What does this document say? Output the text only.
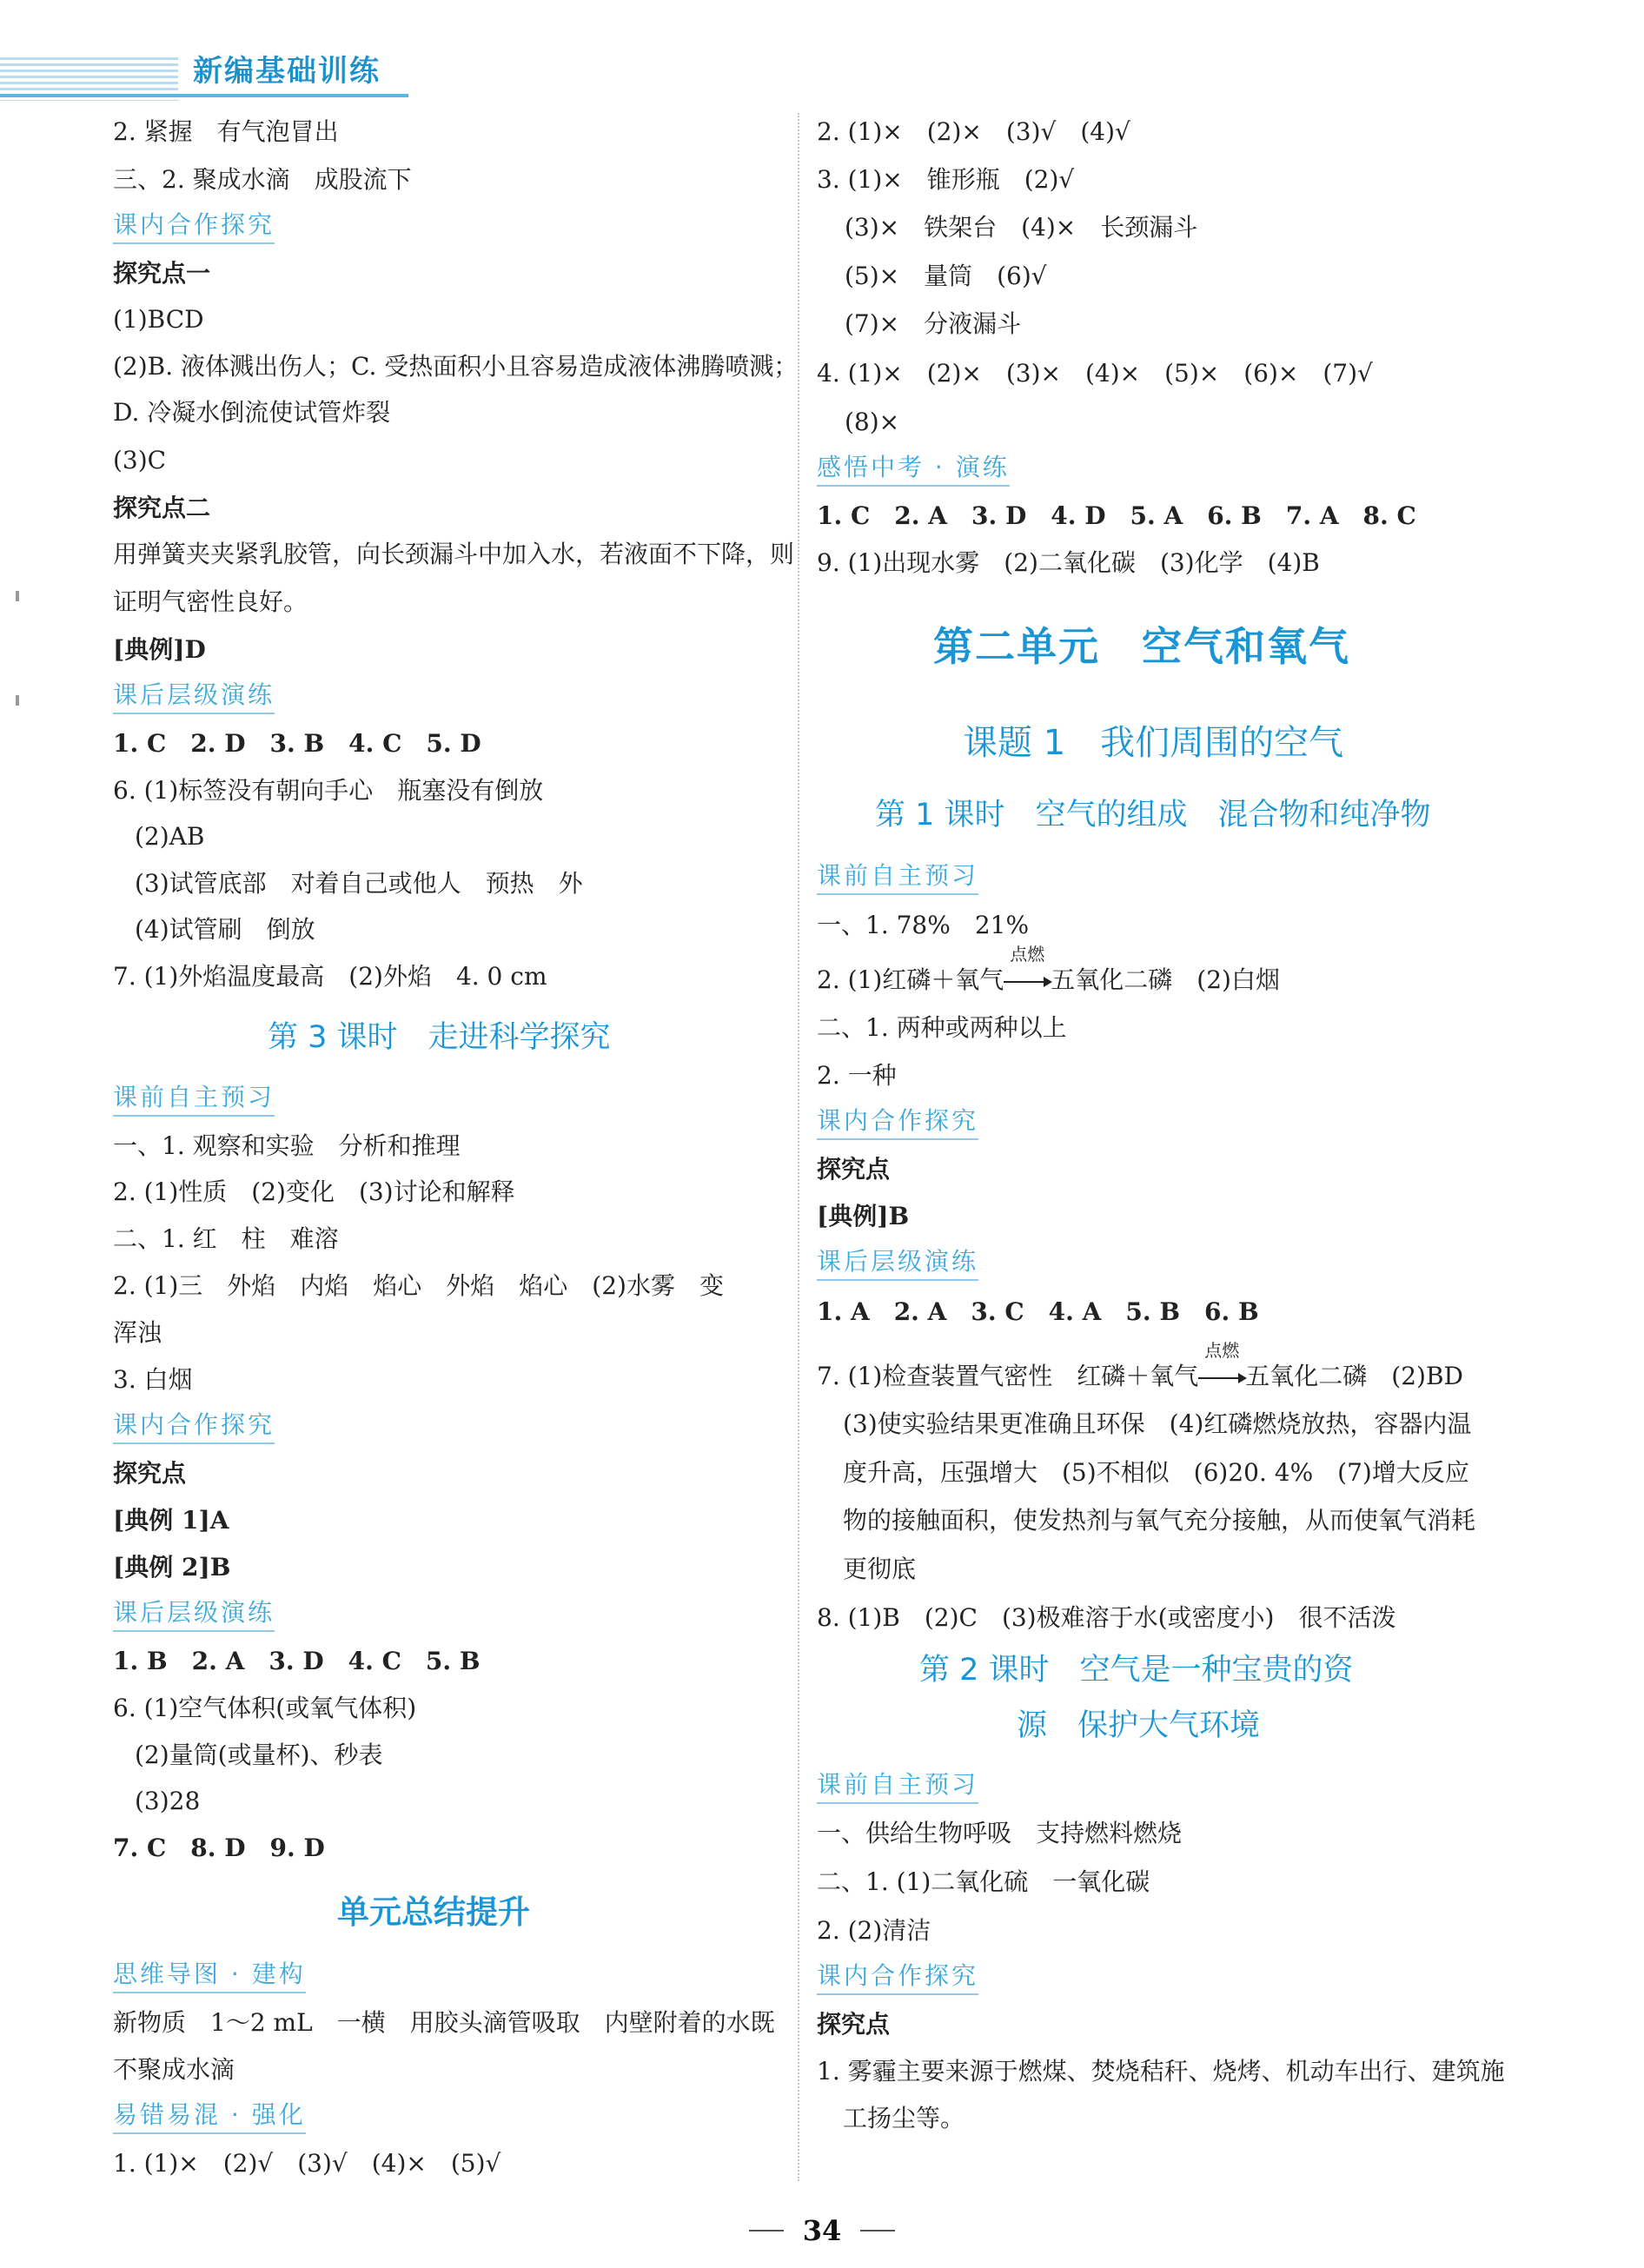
新编基础训练
2. 紧握　有气泡冒出
三、2. 聚成水滴　成股流下
课内合作探究
探究点一
(1)BCD
(2)B. 液体溅出伤人；C. 受热面积小且容易造成液体沸腾喷溅；
D. 冷凝水倒流使试管炸裂
(3)C
探究点二
用弹簧夹夹紧乳胶管，向长颈漏斗中加入水，若液面不下降，则
证明气密性良好。
[典例]D
课后层级演练
1. C　2. D　3. B　4. C　5. D
6. (1)标签没有朝向手心　瓶塞没有倒放
(2)AB
(3)试管底部　对着自己或他人　预热　外
(4)试管刷　倒放
7. (1)外焰温度最高　(2)外焰　4. 0 cm
第 3 课时　走进科学探究
课前自主预习
一、1. 观察和实验　分析和推理
2. (1)性质　(2)变化　(3)讨论和解释
二、1. 红　柱　难溶
2. (1)三　外焰　内焰　焰心　外焰　焰心　(2)水雾　变
浑浊
3. 白烟
课内合作探究
探究点
[典例 1]A
[典例 2]B
课后层级演练
1. B　2. A　3. D　4. C　5. B
6. (1)空气体积(或氧气体积)
(2)量筒(或量杯)、秒表
(3)28
7. C　8. D　9. D
单元总结提升
思维导图 · 建构
新物质　1～2 mL　一横　用胶头滴管吸取　内壁附着的水既
不聚成水滴
易错易混 · 强化
1. (1)×　(2)√　(3)√　(4)×　(5)√
2. (1)×　(2)×　(3)√　(4)√
3. (1)×　锥形瓶　(2)√
(3)×　铁架台　(4)×　长颈漏斗
(5)×　量筒　(6)√
(7)×　分液漏斗
4. (1)×　(2)×　(3)×　(4)×　(5)×　(6)×　(7)√
(8)×
感悟中考 · 演练
1. C　2. A　3. D　4. D　5. A　6. B　7. A　8. C
9. (1)出现水雾　(2)二氧化碳　(3)化学　(4)B
第二单元　空气和氧气
课题 1　我们周围的空气
第 1 课时　空气的组成　混合物和纯净物
课前自主预习
一、1. 78%　21%
2. (1)红磷＋氧气
点燃
五氧化二磷　(2)白烟
二、1. 两种或两种以上
2. 一种
课内合作探究
探究点
[典例]B
课后层级演练
1. A　2. A　3. C　4. A　5. B　6. B
7. (1)检查装置气密性　红磷＋氧气
点燃
五氧化二磷　(2)BD
(3)使实验结果更准确且环保　(4)红磷燃烧放热，容器内温
度升高，压强增大　(5)不相似　(6)20. 4%　(7)增大反应
物的接触面积，使发热剂与氧气充分接触，从而使氧气消耗
更彻底
8. (1)B　(2)C　(3)极难溶于水(或密度小)　很不活泼
第 2 课时　空气是一种宝贵的资
源　保护大气环境
课前自主预习
一、供给生物呼吸　支持燃料燃烧
二、1. (1)二氧化硫　一氧化碳
2. (2)清洁
课内合作探究
探究点
1. 雾霾主要来源于燃煤、焚烧秸秆、烧烤、机动车出行、建筑施
工扬尘等。
34
